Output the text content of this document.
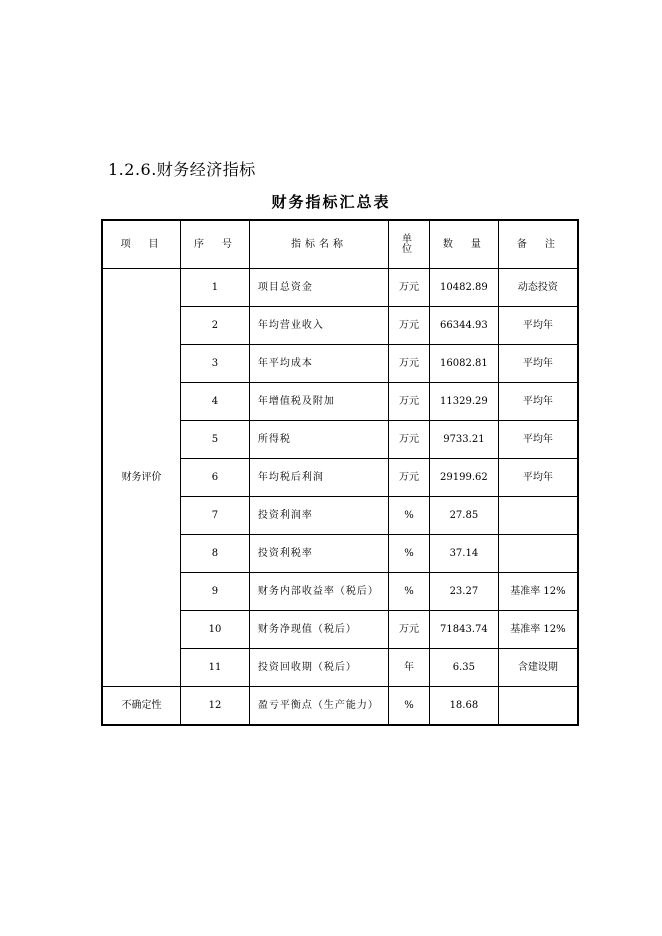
1.2.6.财务经济指标
财务指标汇总表
项　目	序　号	指标名称	单　位	数　量	备　注
财务评价	1	项目总资金	万元	10482.89	动态投资
	2	年均营业收入	万元	66344.93	平均年
	3	年平均成本	万元	16082.81	平均年
	4	年增值税及附加	万元	11329.29	平均年
	5	所得税	万元	9733.21	平均年
	6	年均税后利润	万元	29199.62	平均年
	7	投资利润率	%	27.85	
	8	投资利税率	%	37.14	
	9	财务内部收益率（税后）	%	23.27	基准率 12%
	10	财务净现值（税后）	万元	71843.74	基准率 12%
	11	投资回收期（税后）	年	6.35	含建设期
不确定性	12	盈亏平衡点（生产能力）	%	18.68	
